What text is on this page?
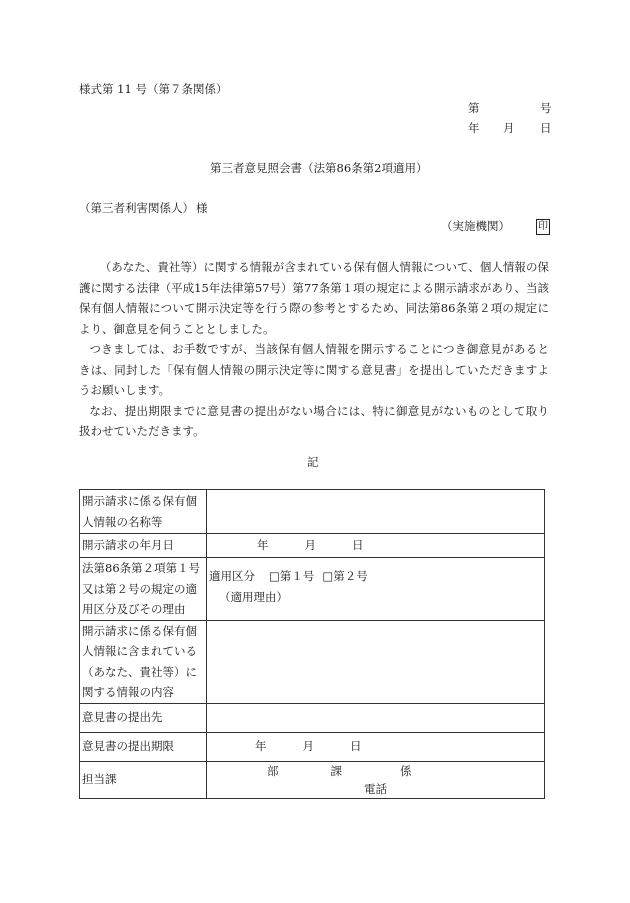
様式第 11 号（第７条関係）
第	号
年 月 日
第三者意見照会書（法第86条第2項適用）
（第三者利害関係人） 様
（実施機関）	印

（あなた、貴社等）に関する情報が含まれている保有個人情報について、個人情報の保護に関する法律（平成15年法律第57号）第77条第１項の規定による開示請求があり、当該保有個人情報について開示決定等を行う際の参考とするため、同法第86条第２項の規定により、御意見を伺うこととしました。

つきましては、お手数ですが、当該保有個人情報を開示することにつき御意見があるときは、同封した「保有個人情報の開示決定等に関する意見書」を提出していただきますようお願いします。

なお、提出期限までに意見書の提出がない場合には、特に御意見がないものとして取り扱わせていただきます。

記
開示請求に係る保有個人情報の名称等	
開示請求の年月日	年 月 日
法第86条第２項第１号又は第２号の規定の適用区分及びその理由	適用区分 □第１号 □第２号
（適用理由）

開示請求に係る保有個人情報に含まれている（あなた、貴社等）に関する情報の内容	
意見書の提出先	
意見書の提出期限	年 月 日
担当課	部 課 係
電話
